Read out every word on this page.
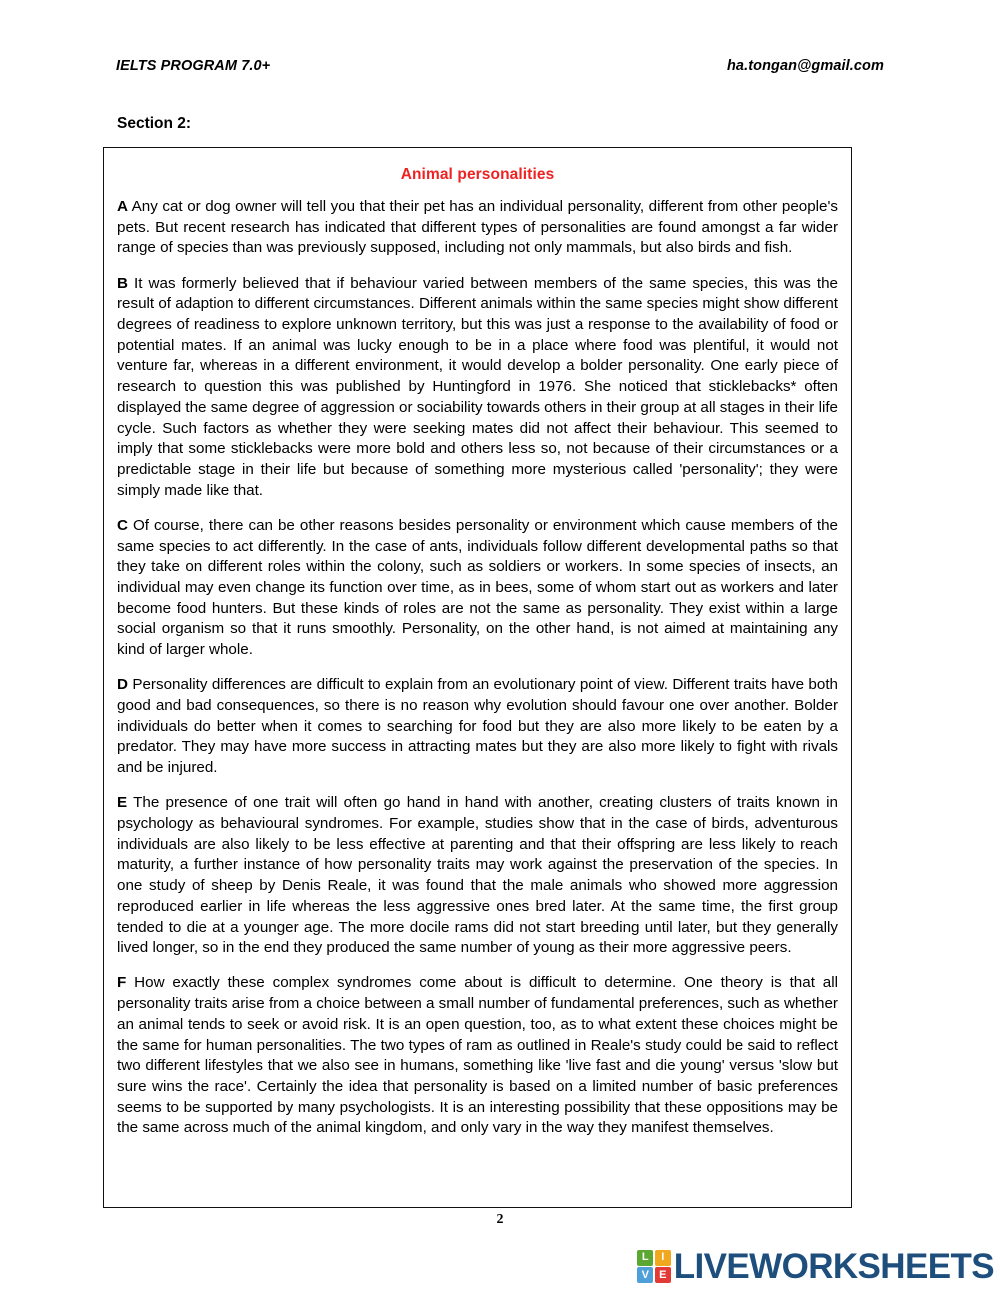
IELTS PROGRAM 7.0+	ha.tongan@gmail.com
Section 2:
Animal personalities

A Any cat or dog owner will tell you that their pet has an individual personality, different from other people's pets. But recent research has indicated that different types of personalities are found amongst a far wider range of species than was previously supposed, including not only mammals, but also birds and fish.

B It was formerly believed that if behaviour varied between members of the same species, this was the result of adaption to different circumstances. Different animals within the same species might show different degrees of readiness to explore unknown territory, but this was just a response to the availability of food or potential mates. If an animal was lucky enough to be in a place where food was plentiful, it would not venture far, whereas in a different environment, it would develop a bolder personality. One early piece of research to question this was published by Huntingford in 1976. She noticed that sticklebacks* often displayed the same degree of aggression or sociability towards others in their group at all stages in their life cycle. Such factors as whether they were seeking mates did not affect their behaviour. This seemed to imply that some sticklebacks were more bold and others less so, not because of their circumstances or a predictable stage in their life but because of something more mysterious called 'personality'; they were simply made like that.

C Of course, there can be other reasons besides personality or environment which cause members of the same species to act differently. In the case of ants, individuals follow different developmental paths so that they take on different roles within the colony, such as soldiers or workers. In some species of insects, an individual may even change its function over time, as in bees, some of whom start out as workers and later become food hunters. But these kinds of roles are not the same as personality. They exist within a large social organism so that it runs smoothly. Personality, on the other hand, is not aimed at maintaining any kind of larger whole.

D Personality differences are difficult to explain from an evolutionary point of view. Different traits have both good and bad consequences, so there is no reason why evolution should favour one over another. Bolder individuals do better when it comes to searching for food but they are also more likely to be eaten by a predator. They may have more success in attracting mates but they are also more likely to fight with rivals and be injured.

E The presence of one trait will often go hand in hand with another, creating clusters of traits known in psychology as behavioural syndromes. For example, studies show that in the case of birds, adventurous individuals are also likely to be less effective at parenting and that their offspring are less likely to reach maturity, a further instance of how personality traits may work against the preservation of the species. In one study of sheep by Denis Reale, it was found that the male animals who showed more aggression reproduced earlier in life whereas the less aggressive ones bred later. At the same time, the first group tended to die at a younger age. The more docile rams did not start breeding until later, but they generally lived longer, so in the end they produced the same number of young as their more aggressive peers.

F How exactly these complex syndromes come about is difficult to determine. One theory is that all personality traits arise from a choice between a small number of fundamental preferences, such as whether an animal tends to seek or avoid risk. It is an open question, too, as to what extent these choices might be the same for human personalities. The two types of ram as outlined in Reale's study could be said to reflect two different lifestyles that we also see in humans, something like 'live fast and die young' versus 'slow but sure wins the race'. Certainly the idea that personality is based on a limited number of basic preferences seems to be supported by many psychologists. It is an interesting possibility that these oppositions may be the same across much of the animal kingdom, and only vary in the way they manifest themselves.

2
L	I
V E LIVEWORKSHEETS
